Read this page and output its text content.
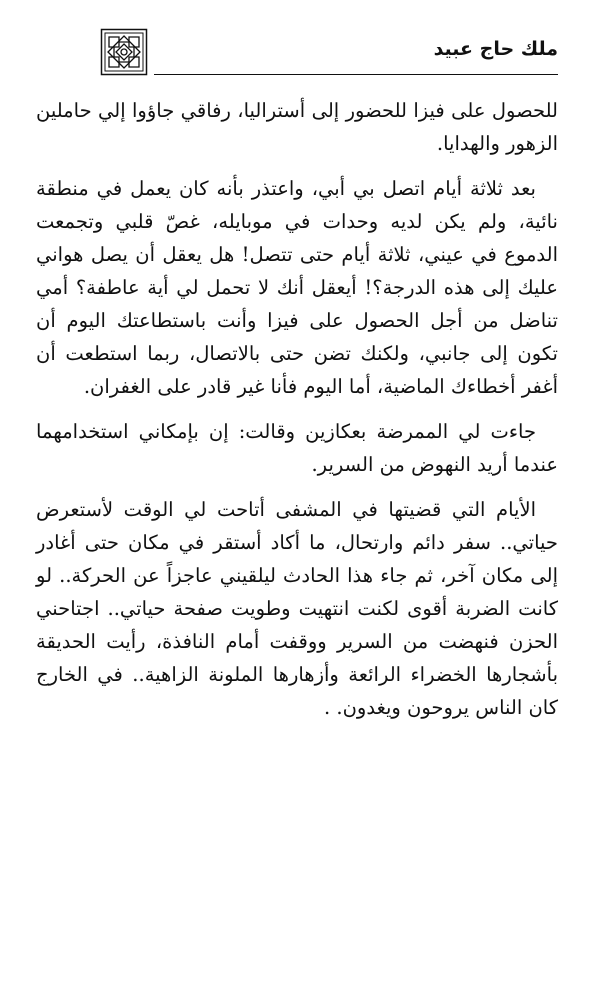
ملك حاج عبيد

للحصول على فيزا للحضور إلى أستراليا، رفاقي جاؤوا إلي حاملين الزهور والهدايا.

بعد ثلاثة أيام اتصل بي أبي، واعتذر بأنه كان يعمل في منطقة نائية، ولم يكن لديه وحدات في موبايله، غصّ قلبي وتجمعت الدموع في عيني، ثلاثة أيام حتى تتصل! هل يعقل أن يصل هواني عليك إلى هذه الدرجة؟! أيعقل أنك لا تحمل لي أية عاطفة؟ أمي تناضل من أجل الحصول على فيزا وأنت باستطاعتك اليوم أن تكون إلى جانبي، ولكنك تضن حتى بالاتصال، ربما استطعت أن أغفر أخطاءك الماضية، أما اليوم فأنا غير قادر على الغفران.

جاءت لي الممرضة بعكازين وقالت: إن بإمكاني استخدامهما عندما أريد النهوض من السرير.

الأيام التي قضيتها في المشفى أتاحت لي الوقت لأستعرض حياتي.. سفر دائم وارتحال، ما أكاد أستقر في مكان حتى أغادر إلى مكان آخر، ثم جاء هذا الحادث ليلقيني عاجزاً عن الحركة.. لو كانت الضربة أقوى لكنت انتهيت وطويت صفحة حياتي.. اجتاحني الحزن فنهضت من السرير ووقفت أمام النافذة، رأيت الحديقة بأشجارها الخضراء الرائعة وأزهارها الملونة الزاهية.. في الخارج كان الناس يروحون ويغدون. .
